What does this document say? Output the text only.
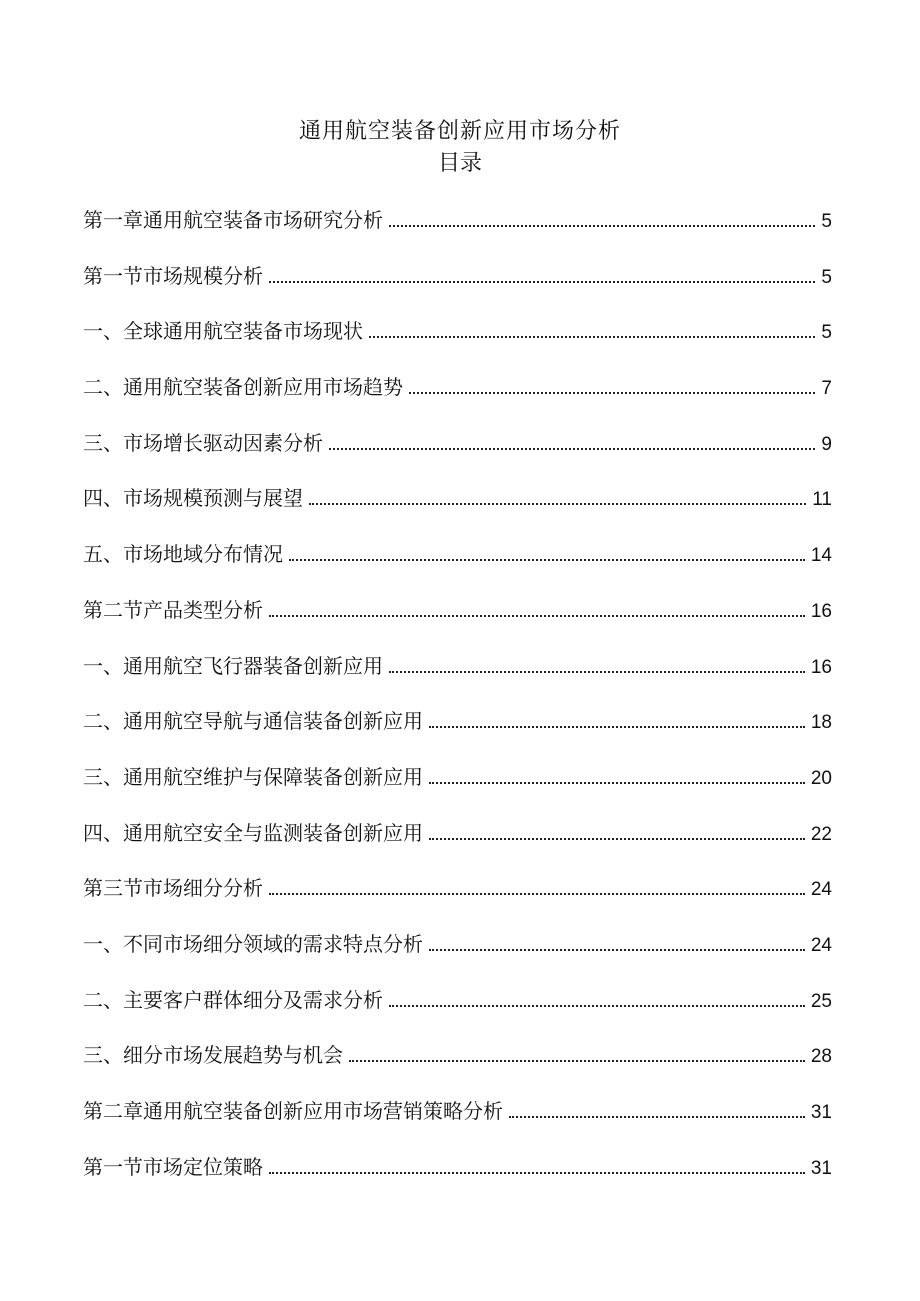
通用航空装备创新应用市场分析
目录
第一章通用航空装备市场研究分析	5
第一节市场规模分析	5
一、全球通用航空装备市场现状	5
二、通用航空装备创新应用市场趋势	7
三、市场增长驱动因素分析	9
四、市场规模预测与展望	11
五、市场地域分布情况	14
第二节产品类型分析	16
一、通用航空飞行器装备创新应用	16
二、通用航空导航与通信装备创新应用	18
三、通用航空维护与保障装备创新应用	20
四、通用航空安全与监测装备创新应用	22
第三节市场细分分析	24
一、不同市场细分领域的需求特点分析	24
二、主要客户群体细分及需求分析	25
三、细分市场发展趋势与机会	28
第二章通用航空装备创新应用市场营销策略分析	31
第一节市场定位策略	31
